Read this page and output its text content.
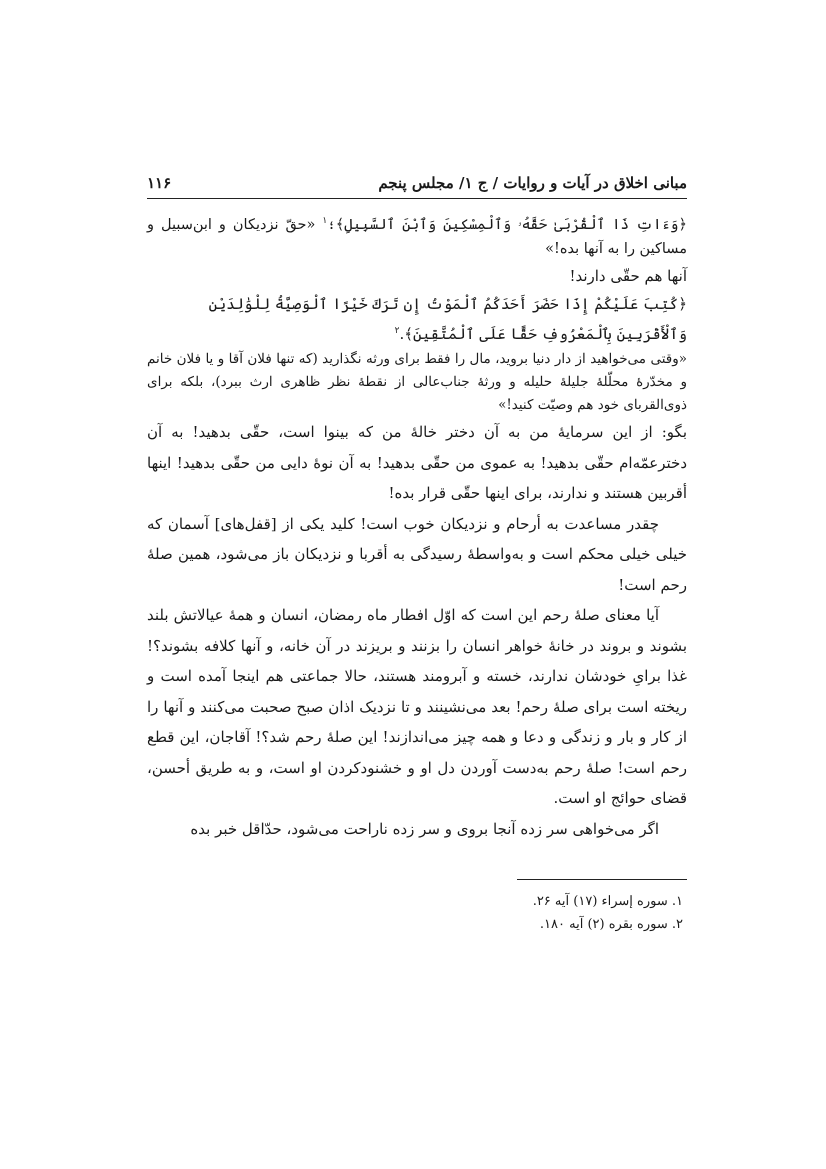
مبانی اخلاق در آیات و روایات / ج ۱/ مجلس پنجم
۱۱۶

﴿وَءَاتِ ذَا ٱلْقُرْبَىٰ حَقَّهُۥ وَٱلْمِسْكِينَ وَٱبْنَ ٱلسَّبِيلِ﴾؛$^۱$ «حقّ نزدیکان و ابن‌سبیل و مساکین را به آنها بده!»

آنها هم حقّی دارند!

﴿كُتِبَ عَلَيْكُمْ إِذَا حَضَرَ أَحَدَكُمُ ٱلْمَوْتُ إِن تَرَكَ خَيْرًا ٱلْوَصِيَّةُ لِلْوَٰلِدَيْنِ وَٱلْأَقْرَبِينَ بِٱلْمَعْرُوفِ حَقًّا عَلَى ٱلْمُتَّقِينَ﴾.$^۲$

«وقتی می‌خواهید از دار دنیا بروید، مال را فقط برای ورثه نگذارید (که تنها فلان آقا و یا فلان خانم و مخدّرهٔ محلّلهٔ جلیلهٔ حلیله و ورثهٔ جناب‌عالی از نقطهٔ نظر ظاهری ارث ببرد)، بلکه برای ذوی‌القربای خود هم وصیّت کنید!»

بگو: از این سرمایهٔ من به آن دختر خالهٔ من که بینوا است، حقّی بدهید! به آن دخترعمّه‌ام حقّی بدهید! به عموی من حقّی بدهید! به آن نوهٔ دایی من حقّی بدهید! اینها أقربین هستند و ندارند، برای اینها حقّی قرار بده!

چقدر مساعدت به أرحام و نزدیکان خوب است! کلید یکی از [قفل‌های] آسمان که خیلی خیلی محکم است و به‌واسطهٔ رسیدگی به أقربا و نزدیکان باز می‌شود، همین صلهٔ رحم است!

آیا معنای صلهٔ رحم این است که اوّل افطار ماه رمضان، انسان و همهٔ عیالاتش بلند بشوند و بروند در خانهٔ خواهر انسان را بزنند و بریزند در آن خانه، و آنها کلافه بشوند؟! غذا برایِ خودشان ندارند، خسته و آبرومند هستند، حالا جماعتی هم اینجا آمده است و ریخته است برای صلهٔ رحم! بعد می‌نشینند و تا نزدیک اذان صبح صحبت می‌کنند و آنها را از کار و بار و زندگی و دعا و همه چیز می‌اندازند! این صلهٔ رحم شد؟! آقاجان، این قطع رحم است! صلهٔ رحم به‌دست آوردن دل او و خشنودکردن او است، و به طریق أحسن، قضای حوائج او است.

اگر می‌خواهی سر زده آنجا بروی و سر زده ناراحت می‌شود، حدّاقل خبر بده

۱. سوره إسراء (۱۷) آیه ۲۶.

۲. سوره بقره (۲) آیه ۱۸۰.
